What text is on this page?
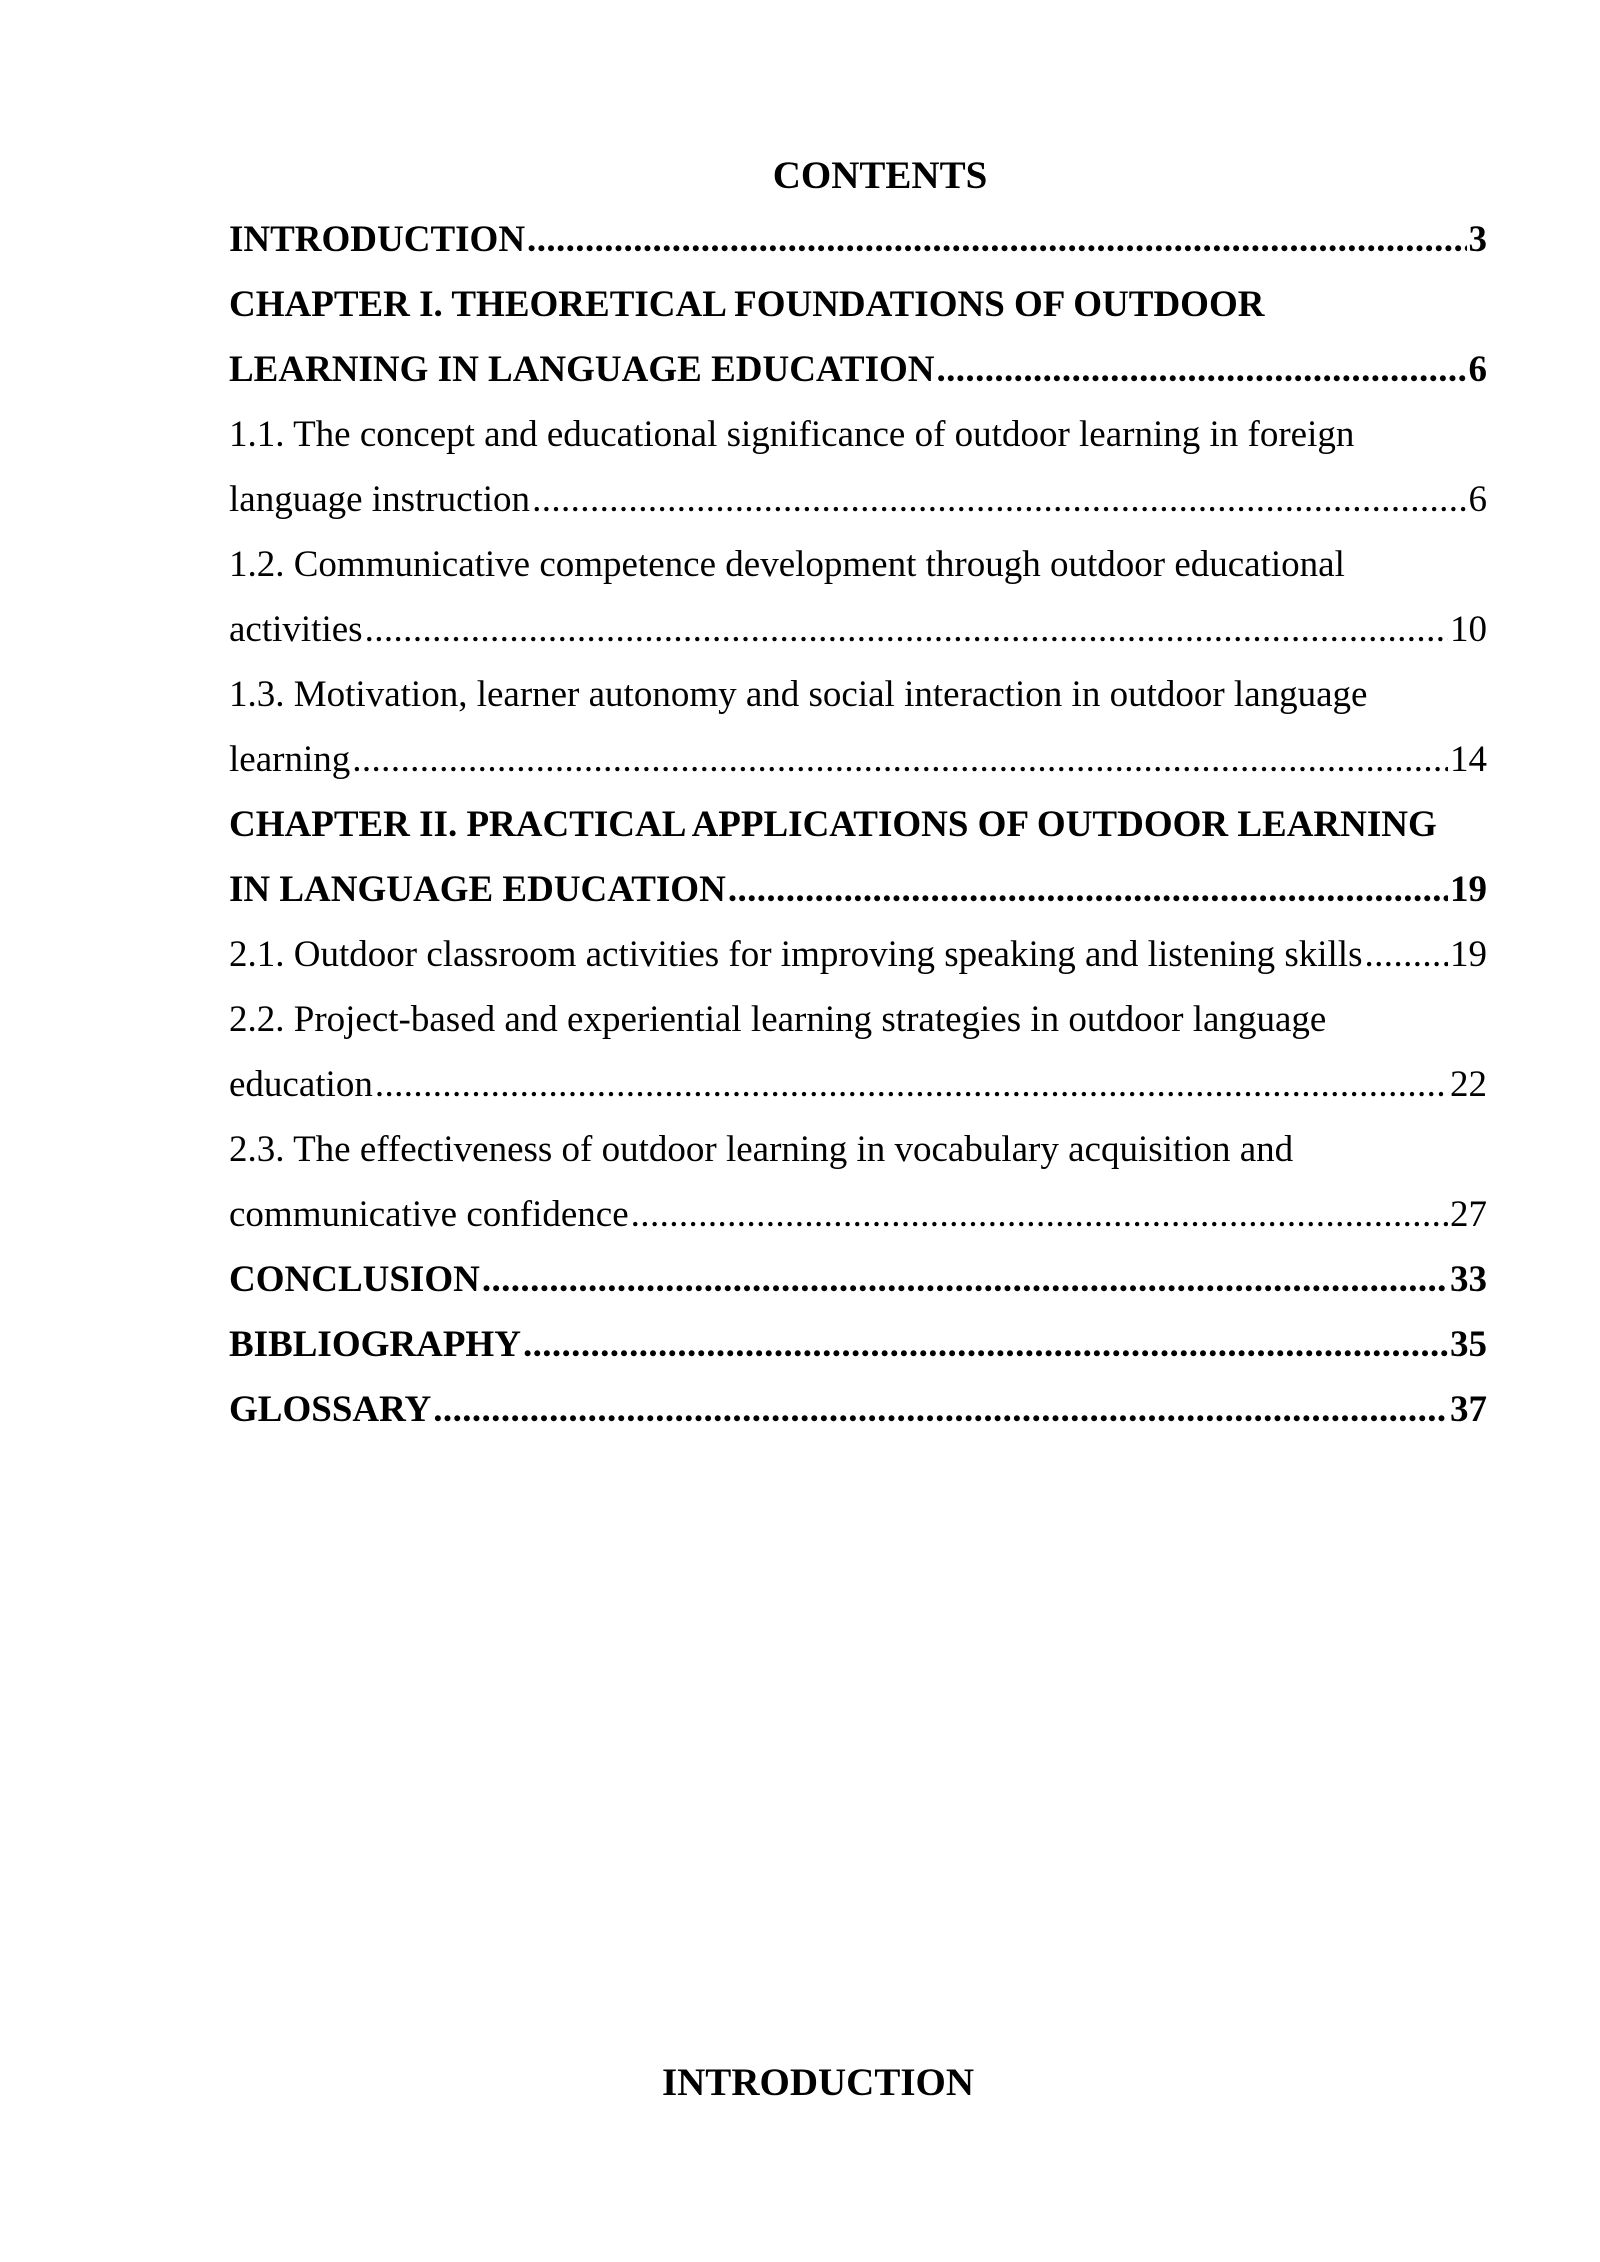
CONTENTS
INTRODUCTION .....	3
CHAPTER I. THEORETICAL FOUNDATIONS OF OUTDOOR
LEARNING IN LANGUAGE EDUCATION .....	6
1.1. The concept and educational significance of outdoor learning in foreign
language instruction .....	6
1.2. Communicative competence development through outdoor educational
activities .....	10
1.3. Motivation, learner autonomy and social interaction in outdoor language
learning .....	14
CHAPTER II. PRACTICAL APPLICATIONS OF OUTDOOR LEARNING
IN LANGUAGE EDUCATION .....	19
2.1. Outdoor classroom activities for improving speaking and listening skills ..... 19
2.2. Project-based and experiential learning strategies in outdoor language
education .....	22
2.3. The effectiveness of outdoor learning in vocabulary acquisition and
communicative confidence .....	27
CONCLUSION .....	33
BIBLIOGRAPHY .....	35
GLOSSARY .....	37
INTRODUCTION
